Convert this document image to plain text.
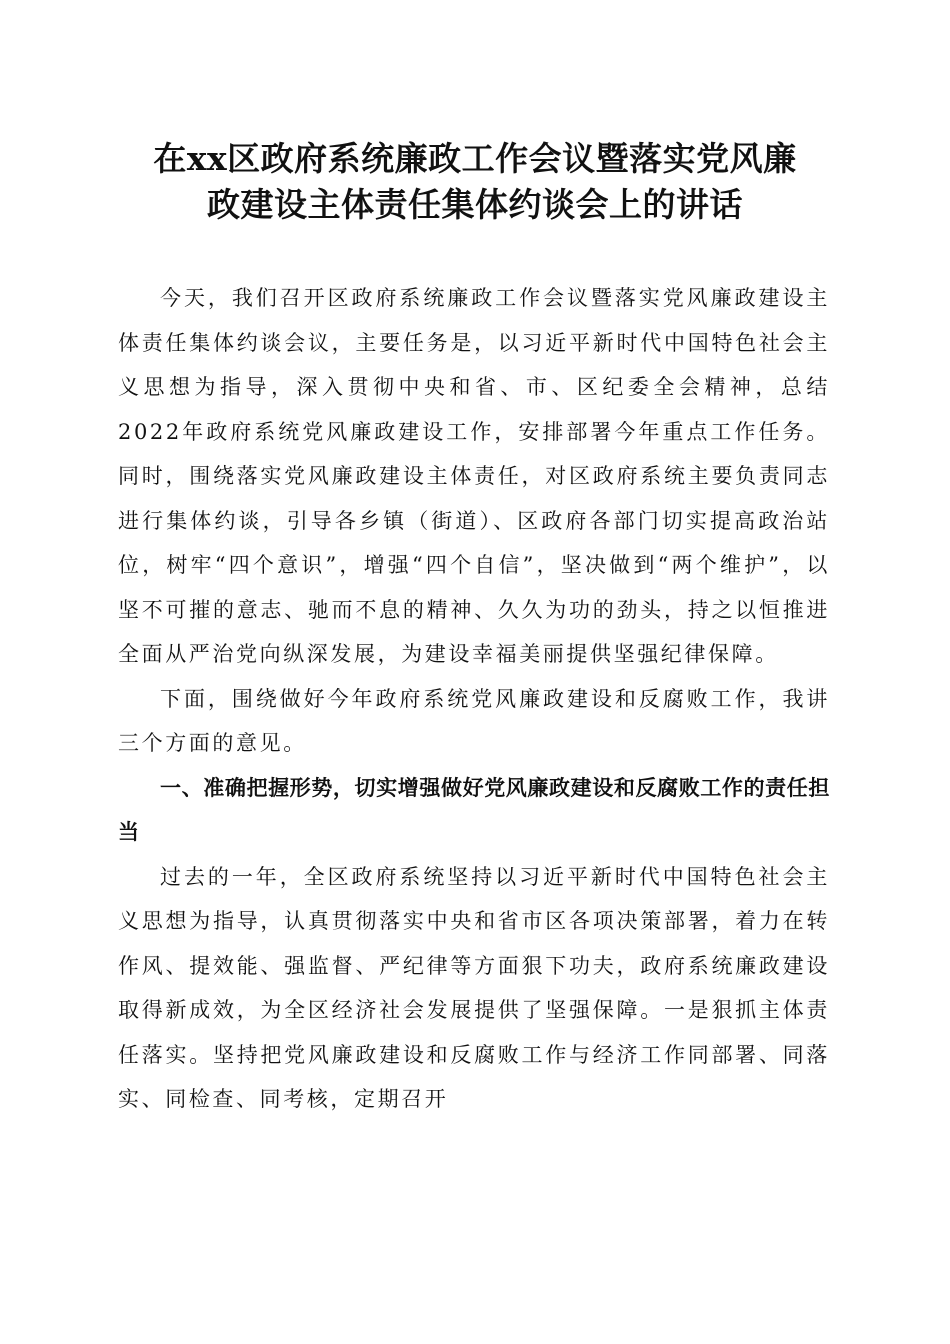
在xx区政府系统廉政工作会议暨落实党风廉
政建设主体责任集体约谈会上的讲话

今天，我们召开区政府系统廉政工作会议暨落实党风廉政建设主体责任集体约谈会议，主要任务是，以习近平新时代中国特色社会主义思想为指导，深入贯彻中央和省、市、区纪委全会精神，总结2022年政府系统党风廉政建设工作，安排部署今年重点工作任务。同时，围绕落实党风廉政建设主体责任，对区政府系统主要负责同志进行集体约谈，引导各乡镇（街道）、区政府各部门切实提高政治站位，树牢“四个意识”，增强“四个自信”，坚决做到“两个维护”，以坚不可摧的意志、驰而不息的精神、久久为功的劲头，持之以恒推进全面从严治党向纵深发展，为建设幸福美丽提供坚强纪律保障。

下面，围绕做好今年政府系统党风廉政建设和反腐败工作，我讲三个方面的意见。

一、准确把握形势，切实增强做好党风廉政建设和反腐败工作的责任担当

过去的一年，全区政府系统坚持以习近平新时代中国特色社会主义思想为指导，认真贯彻落实中央和省市区各项决策部署，着力在转作风、提效能、强监督、严纪律等方面狠下功夫，政府系统廉政建设取得新成效，为全区经济社会发展提供了坚强保障。一是狠抓主体责任落实。坚持把党风廉政建设和反腐败工作与经济工作同部署、同落实、同检查、同考核，定期召开
